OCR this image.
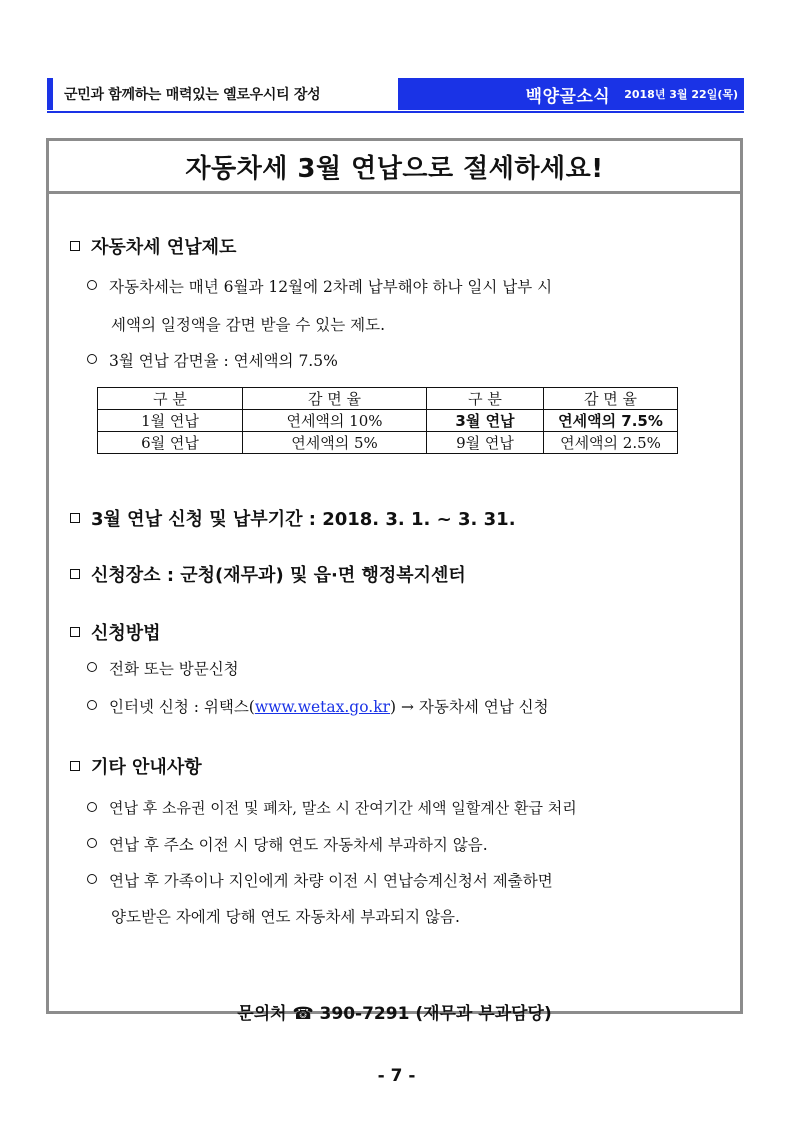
군민과 함께하는 매력있는 옐로우시티 장성	백양골소식 2018년 3월 22일(목)
자동차세 3월 연납으로 절세하세요!
자동차세 연납제도
자동차세는 매년 6월과 12월에 2차례 납부해야 하나 일시 납부 시
세액의 일정액을 감면 받을 수 있는 제도.
3월 연납 감면율 : 연세액의 7.5%
구 분	감 면 율	구 분	감 면 율
1월 연납	연세액의 10%	3월 연납	연세액의 7.5%
6월 연납	연세액의 5%	9월 연납	연세액의 2.5%
3월 연납 신청 및 납부기간 : 2018. 3. 1. ~ 3. 31.
신청장소 : 군청(재무과) 및 읍·면 행정복지센터
신청방법
전화 또는 방문신청
인터넷 신청 : 위택스(www.wetax.go.kr) → 자동차세 연납 신청
기타 안내사항
연납 후 소유권 이전 및 폐차, 말소 시 잔여기간 세액 일할계산 환급 처리
연납 후 주소 이전 시 당해 연도 자동차세 부과하지 않음.
연납 후 가족이나 지인에게 차량 이전 시 연납승계신청서 제출하면
양도받은 자에게 당해 연도 자동차세 부과되지 않음.
문의처 ☎ 390-7291 (재무과 부과담당)
- 7 -
